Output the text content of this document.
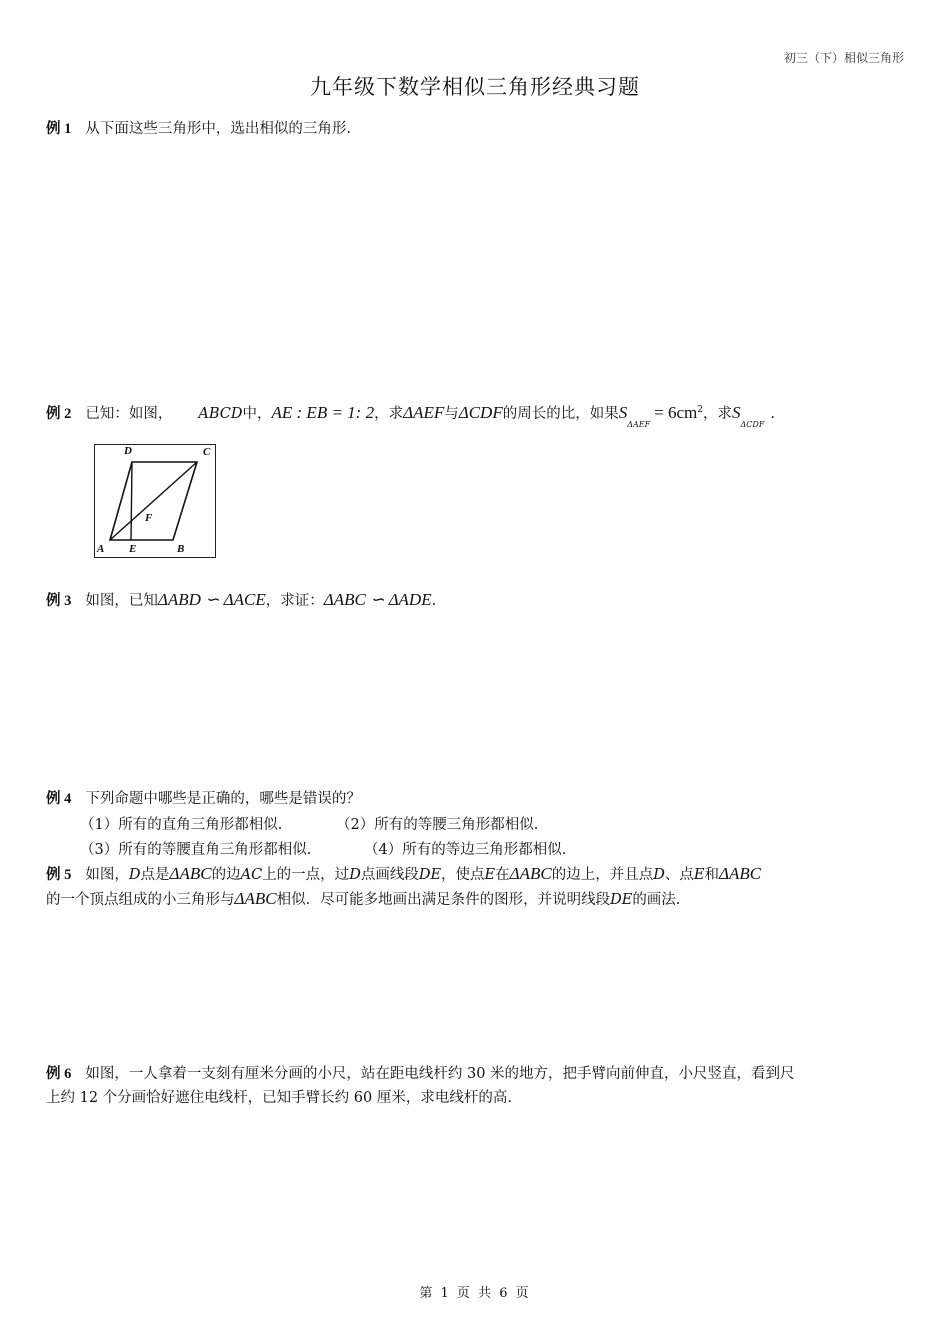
初三（下）相似三角形
九年级下数学相似三角形经典习题
例 1 从下面这些三角形中，选出相似的三角形.
例 2 已知：如图， ABCD中，AE : EB = 1: 2，求ΔAEF与ΔCDF的周长的比，如果$S_{\Delta AEF}= 6cm^2$，求$S_{\Delta CDF}$.
D	C
F
A E	B
例 3 如图，已知ΔABD ∽ ΔACE，求证：ΔABC ∽ ΔADE.
例 4 下列命题中哪些是正确的，哪些是错误的？
（1）所有的直角三角形都相似.	（2）所有的等腰三角形都相似.
（3）所有的等腰直角三角形都相似.	（4）所有的等边三角形都相似.
例 5 如图，D点是ΔABC的边AC上的一点，过D点画线段DE，使点E在ΔABC的边上，并且点D、点E和ΔABC
的一个顶点组成的小三角形与ΔABC相似．尽可能多地画出满足条件的图形，并说明线段DE的画法.
例 6 如图，一人拿着一支刻有厘米分画的小尺，站在距电线杆约 30 米的地方，把手臂向前伸直，小尺竖直，看到尺
上约 12 个分画恰好遮住电线杆，已知手臂长约 60 厘米，求电线杆的高.
第 1 页 共 6 页
